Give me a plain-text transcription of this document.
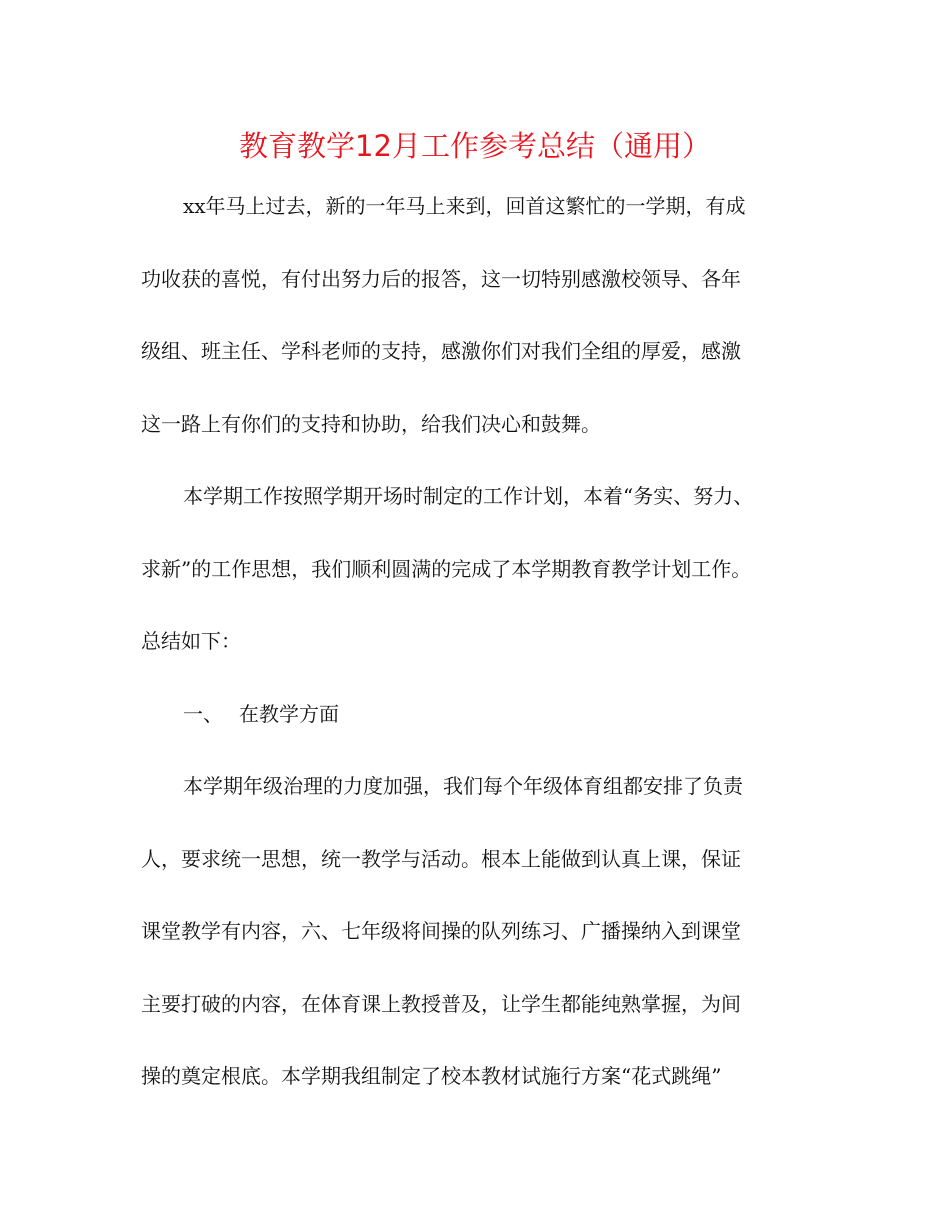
教育教学12月工作参考总结（通用）
xx年马上过去，新的一年马上来到，回首这繁忙的一学期，有成
功收获的喜悦，有付出努力后的报答，这一切特别感激校领导、各年
级组、班主任、学科老师的支持，感激你们对我们全组的厚爱，感激
这一路上有你们的支持和协助，给我们决心和鼓舞。
本学期工作按照学期开场时制定的工作计划，本着“务实、努力、
求新”的工作思想，我们顺利圆满的完成了本学期教育教学计划工作。
总结如下：
一、 在教学方面
本学期年级治理的力度加强，我们每个年级体育组都安排了负责
人，要求统一思想，统一教学与活动。根本上能做到认真上课，保证
课堂教学有内容，六、七年级将间操的队列练习、广播操纳入到课堂
主要打破的内容，在体育课上教授普及，让学生都能纯熟掌握，为间
操的奠定根底。本学期我组制定了校本教材试施行方案“花式跳绳”
